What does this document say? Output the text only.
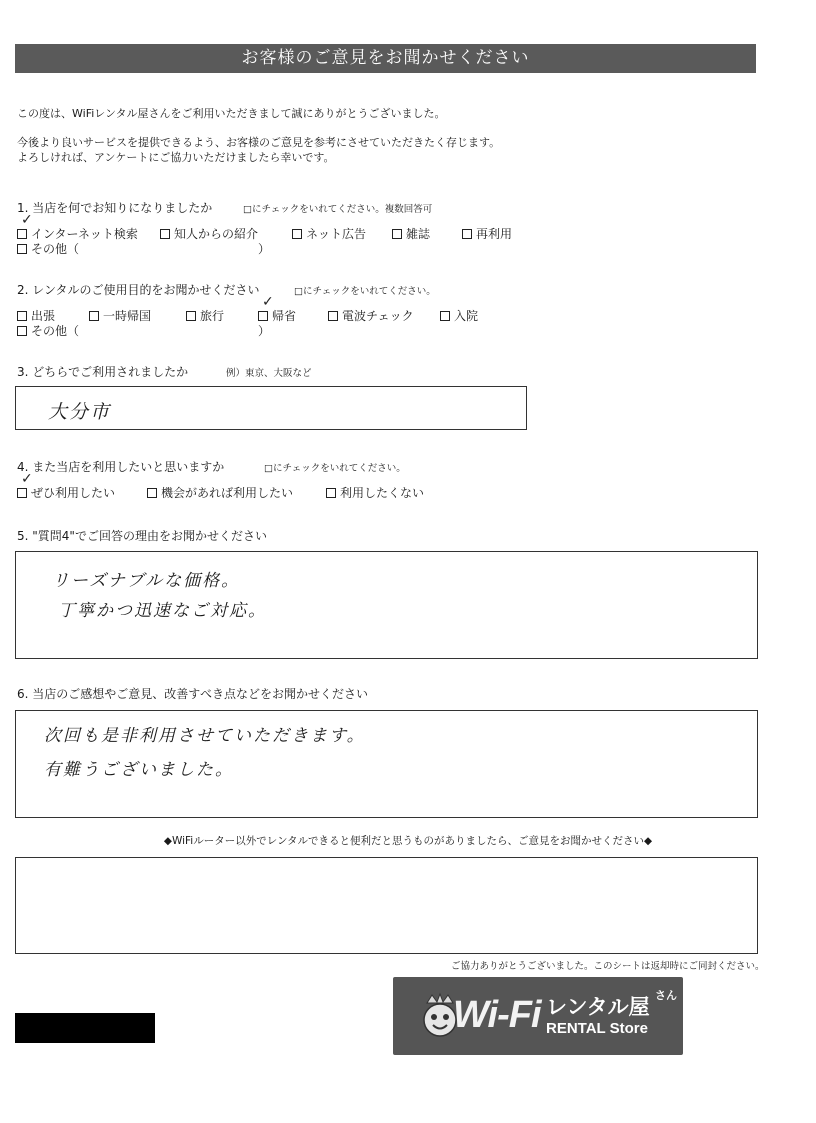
お客様のご意見をお聞かせください
この度は、WiFiレンタル屋さんをご利用いただきまして誠にありがとうございました。
今後より良いサービスを提供できるよう、お客様のご意見を参考にさせていただきたく存じます。
よろしければ、アンケートにご協力いただけましたら幸いです。
1. 当店を何でお知りになりましたか	□にチェックをいれてください。複数回答可
インターネット検索
✓
知人からの紹介	ネット広告	雑誌	再利用
その他（	）
2. レンタルのご使用目的をお聞かせください	□にチェックをいれてください。
出張	一時帰国	旅行	帰省
✓
電波チェック	入院
その他（	）
3. どちらでご利用されましたか	例）東京、大阪など
大分市
4. また当店を利用したいと思いますか	□にチェックをいれてください。
ぜひ利用したい
✓
機会があれば利用したい	利用したくない
5. "質問4"でご回答の理由をお聞かせください
リーズナブルな価格。
丁寧かつ迅速なご対応。
6. 当店のご感想やご意見、改善すべき点などをお聞かせください
次回も是非利用させていただきます。
有難うございました。
◆WiFiルーター以外でレンタルできると便利だと思うものがありましたら、ご意見をお聞かせください◆
ご協力ありがとうございました。このシートは返却時にご同封ください。
Wi-Fi レンタル屋 さん
RENTAL Store
